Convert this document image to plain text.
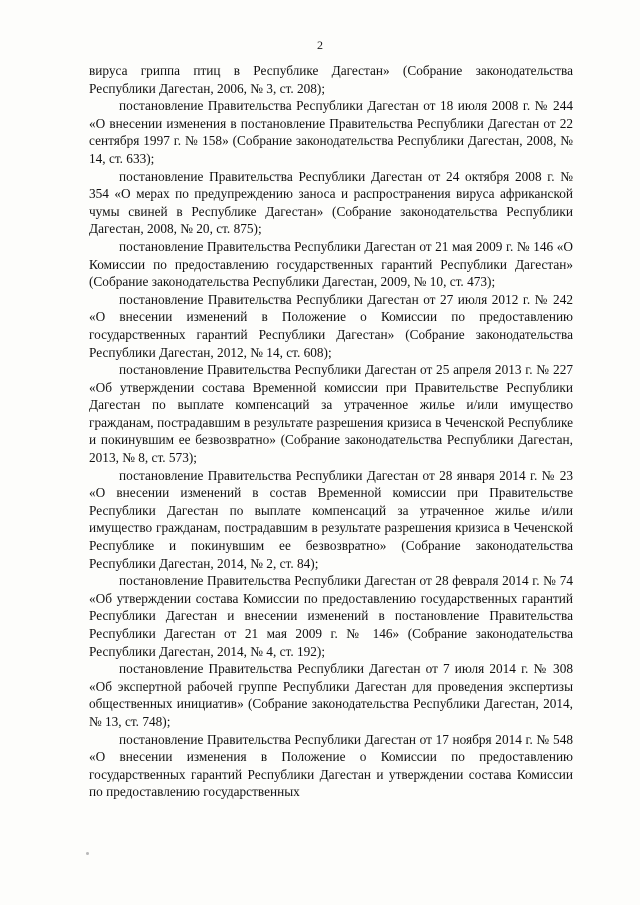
2

вируса гриппа птиц в Республике Дагестан» (Собрание законодательства Республики Дагестан, 2006, № 3, ст. 208);

постановление Правительства Республики Дагестан от 18 июля 2008 г. № 244 «О внесении изменения в постановление Правительства Республики Дагестан от 22 сентября 1997 г. № 158» (Собрание законодательства Республики Дагестан, 2008, № 14, ст. 633);

постановление Правительства Республики Дагестан от 24 октября 2008 г. № 354 «О мерах по предупреждению заноса и распространения вируса африканской чумы свиней в Республике Дагестан» (Собрание законодательства Республики Дагестан, 2008, № 20, ст. 875);

постановление Правительства Республики Дагестан от 21 мая 2009 г. № 146 «О Комиссии по предоставлению государственных гарантий Республики Дагестан» (Собрание законодательства Республики Дагестан, 2009, № 10, ст. 473);

постановление Правительства Республики Дагестан от 27 июля 2012 г. № 242 «О внесении изменений в Положение о Комиссии по предоставлению государственных гарантий Республики Дагестан» (Собрание законодательства Республики Дагестан, 2012, № 14, ст. 608);

постановление Правительства Республики Дагестан от 25 апреля 2013 г. № 227 «Об утверждении состава Временной комиссии при Правительстве Республики Дагестан по выплате компенсаций за утраченное жилье и/или имущество гражданам, пострадавшим в результате разрешения кризиса в Чеченской Республике и покинувшим ее безвозвратно» (Собрание законодательства Республики Дагестан, 2013, № 8, ст. 573);

постановление Правительства Республики Дагестан от 28 января 2014 г. № 23 «О внесении изменений в состав Временной комиссии при Правительстве Республики Дагестан по выплате компенсаций за утраченное жилье и/или имущество гражданам, пострадавшим в результате разрешения кризиса в Чеченской Республике и покинувшим ее безвозвратно» (Собрание законодательства Республики Дагестан, 2014, № 2, ст. 84);

постановление Правительства Республики Дагестан от 28 февраля 2014 г. № 74 «Об утверждении состава Комиссии по предоставлению государственных гарантий Республики Дагестан и внесении изменений в постановление Правительства Республики Дагестан от 21 мая 2009 г. № 146» (Собрание законодательства Республики Дагестан, 2014, № 4, ст. 192);

постановление Правительства Республики Дагестан от 7 июля 2014 г. № 308 «Об экспертной рабочей группе Республики Дагестан для проведения экспертизы общественных инициатив» (Собрание законодательства Республики Дагестан, 2014, № 13, ст. 748);

постановление Правительства Республики Дагестан от 17 ноября 2014 г. № 548 «О внесении изменения в Положение о Комиссии по предоставлению государственных гарантий Республики Дагестан и утверждении состава Комиссии по предоставлению государственных
